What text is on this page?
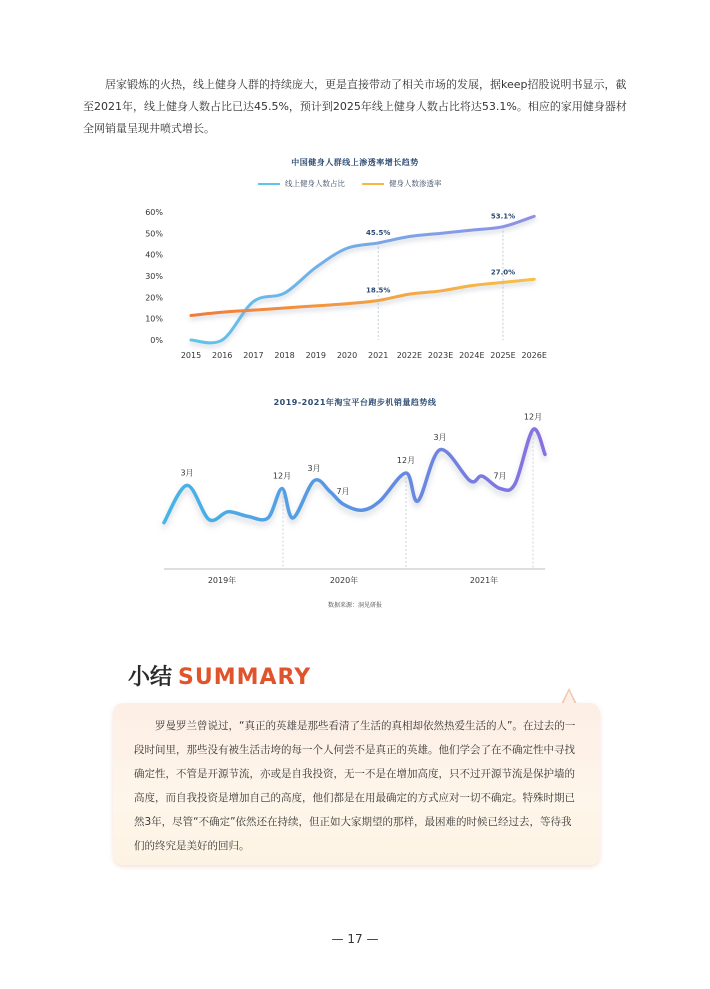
居家锻炼的火热，线上健身人群的持续庞大，更是直接带动了相关市场的发展，据keep招股说明书显示，截至2021年，线上健身人数占比已达45.5%，预计到2025年线上健身人数占比将达53.1%。相应的家用健身器材全网销量呈现井喷式增长。
中国健身人群线上渗透率增长趋势
线上健身人数占比	健身人数渗透率
0%
10%
20%
30%
40%
50%
60%
2015 2016 2017 2018 2019 2020 2021 2022E 2023E 2024E 2025E 2026E
45.5%
18.5%
53.1%
27.0%
2019-2021年淘宝平台跑步机销量趋势线
3月	12月
3月
7月
12月
3月
7月
12月
2019年	2020年	2021年
数据来源：洞见研报
小结 SUMMARY
罗曼罗兰曾说过，“真正的英雄是那些看清了生活的真相却依然热爱生活的人”。在过去的一段时间里，那些没有被生活击垮的每一个人何尝不是真正的英雄。他们学会了在不确定性中寻找确定性，不管是开源节流，亦或是自我投资，无一不是在增加高度，只不过开源节流是保护墙的高度，而自我投资是增加自己的高度，他们都是在用最确定的方式应对一切不确定。特殊时期已然3年，尽管“不确定”依然还在持续，但正如大家期望的那样，最困难的时候已经过去，等待我们的终究是美好的回归。
— 17 —
